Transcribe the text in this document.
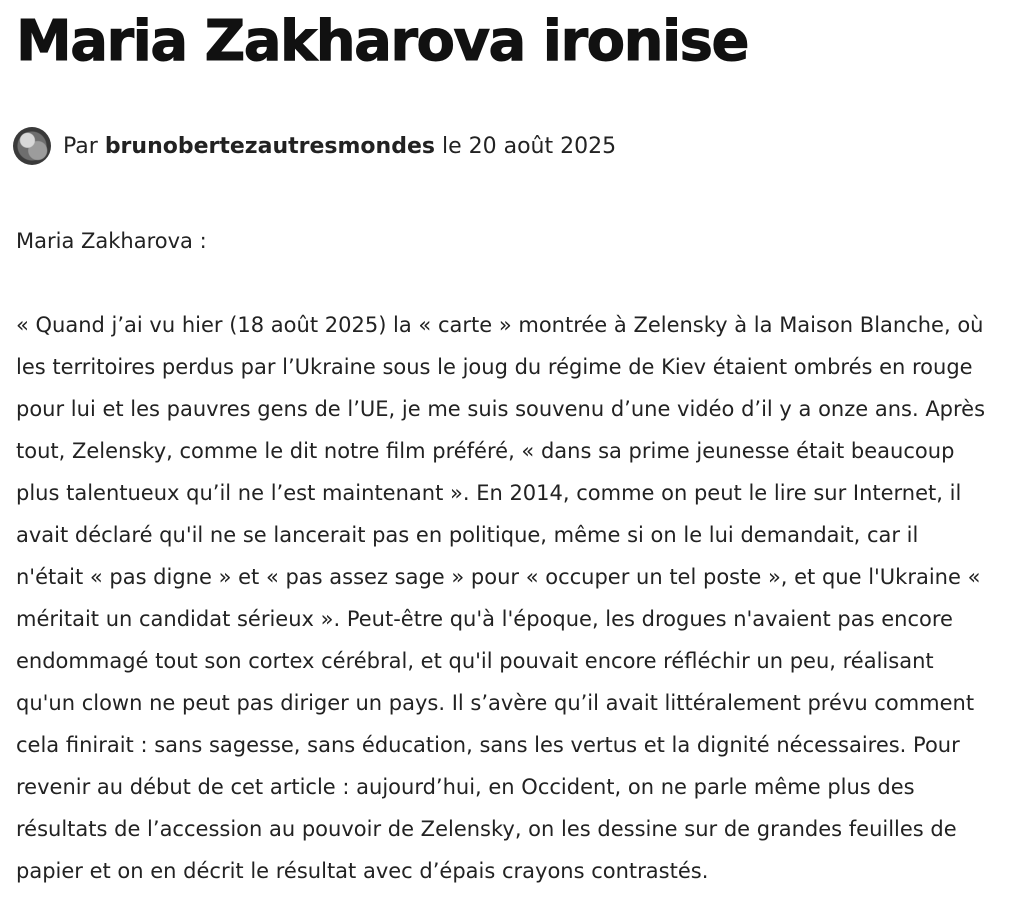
Maria Zakharova ironise
Par brunobertezautresmondes le 20 août 2025

Maria Zakharova :

« Quand j’ai vu hier (18 août 2025) la « carte » montrée à Zelensky à la Maison Blanche, où
les territoires perdus par l’Ukraine sous le joug du régime de Kiev étaient ombrés en rouge
pour lui et les pauvres gens de l’UE, je me suis souvenu d’une vidéo d’il y a onze ans. Après
tout, Zelensky, comme le dit notre film préféré, « dans sa prime jeunesse était beaucoup
plus talentueux qu’il ne l’est maintenant ». En 2014, comme on peut le lire sur Internet, il
avait déclaré qu'il ne se lancerait pas en politique, même si on le lui demandait, car il
n'était « pas digne » et « pas assez sage » pour « occuper un tel poste », et que l'Ukraine «
méritait un candidat sérieux ». Peut-être qu'à l'époque, les drogues n'avaient pas encore
endommagé tout son cortex cérébral, et qu'il pouvait encore réfléchir un peu, réalisant
qu'un clown ne peut pas diriger un pays. Il s’avère qu’il avait littéralement prévu comment
cela finirait : sans sagesse, sans éducation, sans les vertus et la dignité nécessaires. Pour
revenir au début de cet article : aujourd’hui, en Occident, on ne parle même plus des
résultats de l’accession au pouvoir de Zelensky, on les dessine sur de grandes feuilles de
papier et on en décrit le résultat avec d’épais crayons contrastés.
